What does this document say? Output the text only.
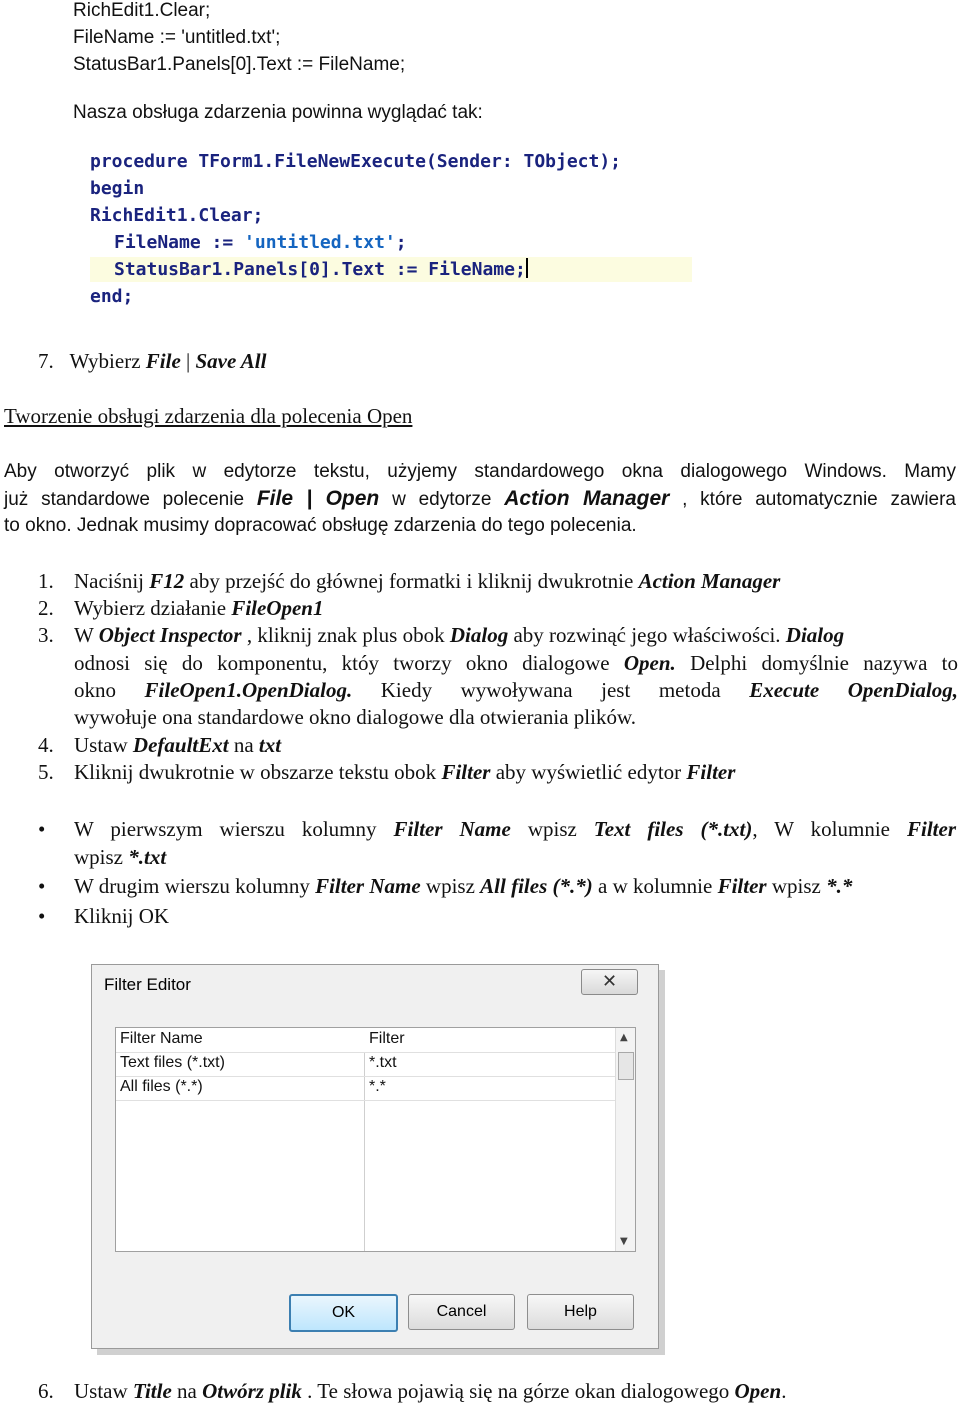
RichEdit1.Clear;
FileName := 'untitled.txt';
StatusBar1.Panels[0].Text := FileName;
Nasza obsługa zdarzenia powinna wyglądać tak:
procedure TForm1.FileNewExecute(Sender: TObject);
begin
RichEdit1.Clear;
FileName := 'untitled.txt';
StatusBar1.Panels[0].Text := FileName;
end;
7. Wybierz File | Save All
Tworzenie obsługi zdarzenia dla polecenia Open
Aby otworzyć plik w edytorze tekstu, użyjemy standardowego okna dialogowego Windows. Mamy
już standardowe polecenie File | Open w edytorze Action Manager , które automatycznie zawiera
to okno. Jednak musimy dopracować obsługę zdarzenia do tego polecenia.
1. Naciśnij F12 aby przejść do głównej formatki i kliknij dwukrotnie Action Manager
2. Wybierz działanie FileOpen1
3. W Object Inspector , kliknij znak plus obok Dialog aby rozwinąć jego właściwości. Dialog
odnosi się do komponentu, któy tworzy okno dialogowe Open. Delphi domyślnie nazywa to
okno FileOpen1.OpenDialog. Kiedy wywoływana jest metoda Execute OpenDialog,
wywołuje ona standardowe okno dialogowe dla otwierania plików.
4. Ustaw DefaultExt na txt
5. Kliknij dwukrotnie w obszarze tekstu obok Filter aby wyświetlić edytor Filter
• W pierwszym wierszu kolumny Filter Name wpisz Text files (*.txt), W kolumnie Filter
wpisz *.txt
• W drugim wierszu kolumny Filter Name wpisz All files (*.*) a w kolumnie Filter wpisz *.*
• Kliknij OK
Filter Editor	✕
Filter Name	Filter
Text files (*.txt)	*.txt
All files (*.*)	*.*
▲
▼
OK	Cancel	Help
6. Ustaw Title na Otwórz plik . Te słowa pojawią się na górze okan dialogowego Open.
